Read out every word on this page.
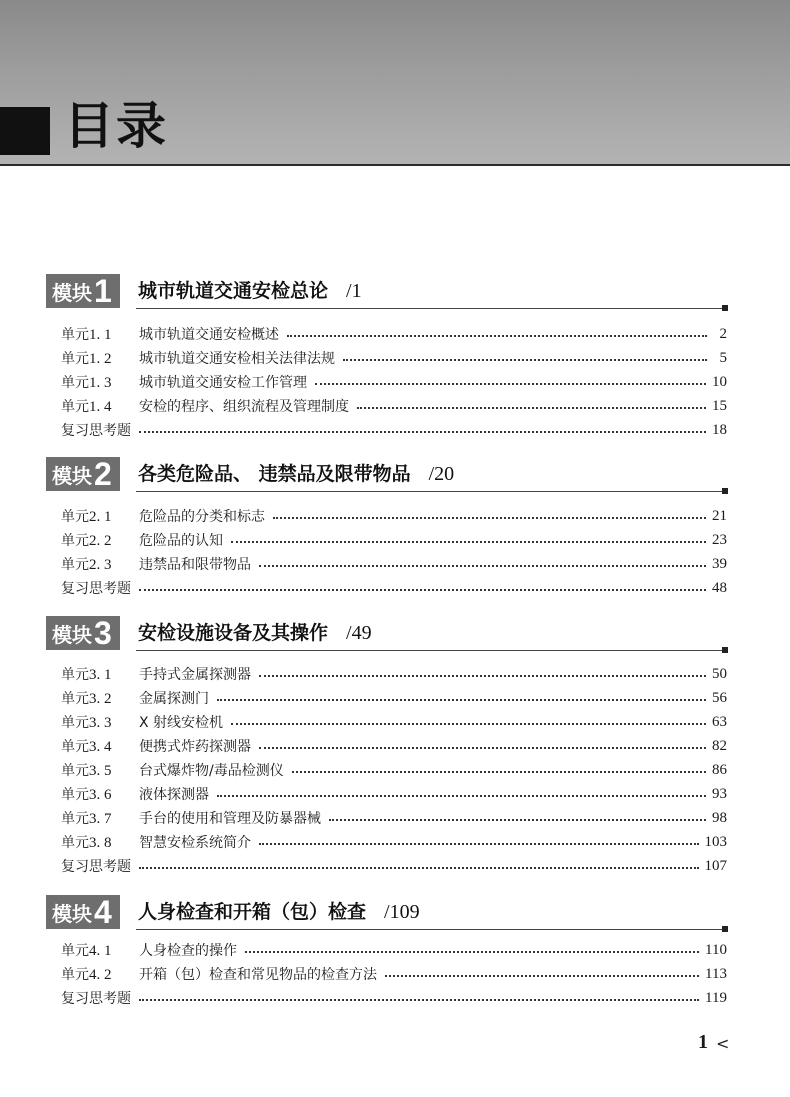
目录
模块 1 城市轨道交通安检总论 /1
单元1. 1	城市轨道交通安检概述	2
单元1. 2	城市轨道交通安检相关法律法规	5
单元1. 3	城市轨道交通安检工作管理	10
单元1. 4	安检的程序、组织流程及管理制度	15
复习思考题	18
模块 2 各类危险品、 违禁品及限带物品 /20
单元2. 1	危险品的分类和标志	21
单元2. 2	危险品的认知	23
单元2. 3	违禁品和限带物品	39
复习思考题	48
模块 3 安检设施设备及其操作 /49
单元3. 1	手持式金属探测器	50
单元3. 2	金属探测门	56
单元3. 3	X 射线安检机	63
单元3. 4	便携式炸药探测器	82
单元3. 5	台式爆炸物/毒品检测仪	86
单元3. 6	液体探测器	93
单元3. 7	手台的使用和管理及防暴器械	98
单元3. 8	智慧安检系统简介	103
复习思考题	107
模块 4 人身检查和开箱（包）检查 /109
单元4. 1	人身检查的操作	110
单元4. 2	开箱（包）检查和常见物品的检查方法	113
复习思考题	119
1 <
